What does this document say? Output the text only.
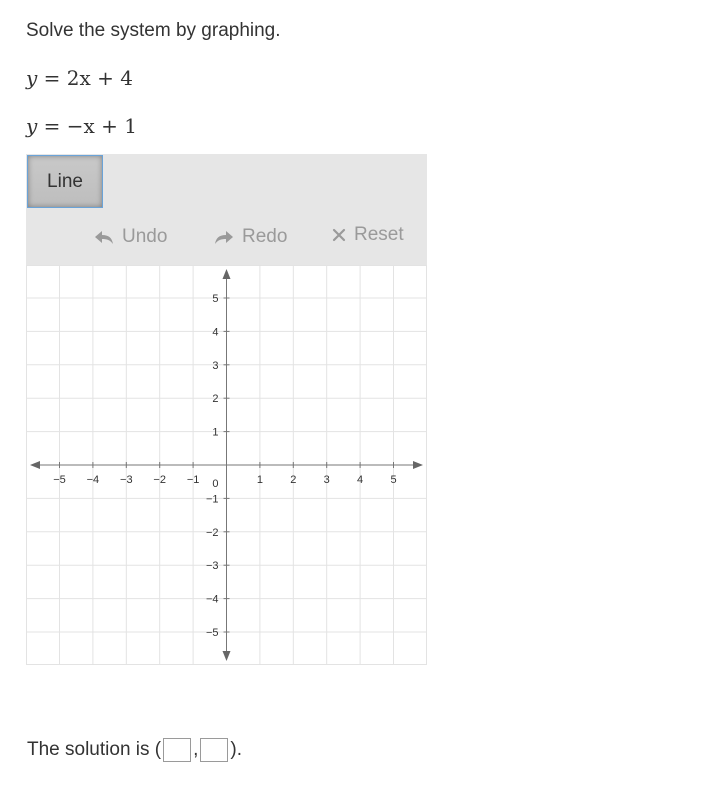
Solve the system by graphing.
y = 2x + 4
y = −x + 1
Line
Undo	Redo	Reset
−5 −4 −3 −2 −1	1 2 3 4 5
5
4
3
2
1
−1
−2
−3
−4
−5
0
The solution is ( , ).
